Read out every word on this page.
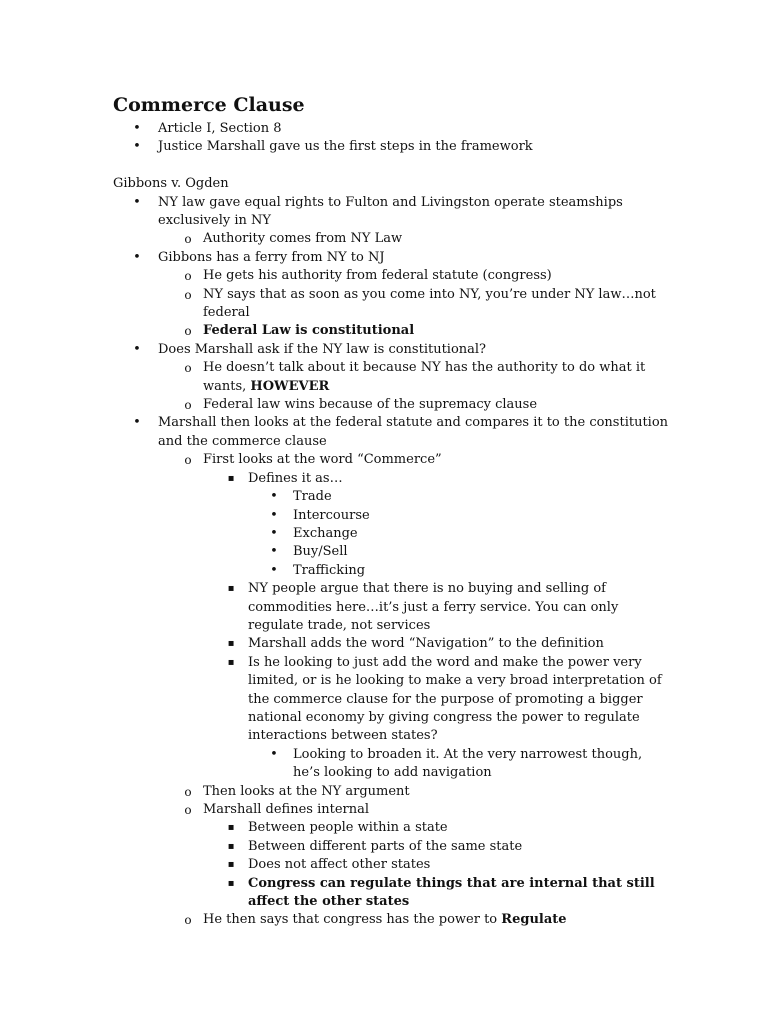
Commerce Clause
• Article I, Section 8
• Justice Marshall gave us the first steps in the framework
Gibbons v. Ogden
• NY law gave equal rights to Fulton and Livingston operate steamships exclusively in NY
o Authority comes from NY Law
• Gibbons has a ferry from NY to NJ
o He gets his authority from federal statute (congress)
o NY says that as soon as you come into NY, you’re under NY law…not federal
o Federal Law is constitutional
• Does Marshall ask if the NY law is constitutional?
o He doesn’t talk about it because NY has the authority to do what it wants, HOWEVER
o Federal law wins because of the supremacy clause
• Marshall then looks at the federal statute and compares it to the constitution and the commerce clause
o First looks at the word “Commerce”
▪ Defines it as…
• Trade
• Intercourse
• Exchange
• Buy/Sell
• Trafficking
▪ NY people argue that there is no buying and selling of commodities here…it’s just a ferry service. You can only regulate trade, not services
▪ Marshall adds the word “Navigation” to the definition
▪ Is he looking to just add the word and make the power very limited, or is he looking to make a very broad interpretation of the commerce clause for the purpose of promoting a bigger national economy by giving congress the power to regulate interactions between states?
• Looking to broaden it. At the very narrowest though, he’s looking to add navigation
o Then looks at the NY argument
o Marshall defines internal
▪ Between people within a state
▪ Between different parts of the same state
▪ Does not affect other states
▪ Congress can regulate things that are internal that still affect the other states
o He then says that congress has the power to Regulate
